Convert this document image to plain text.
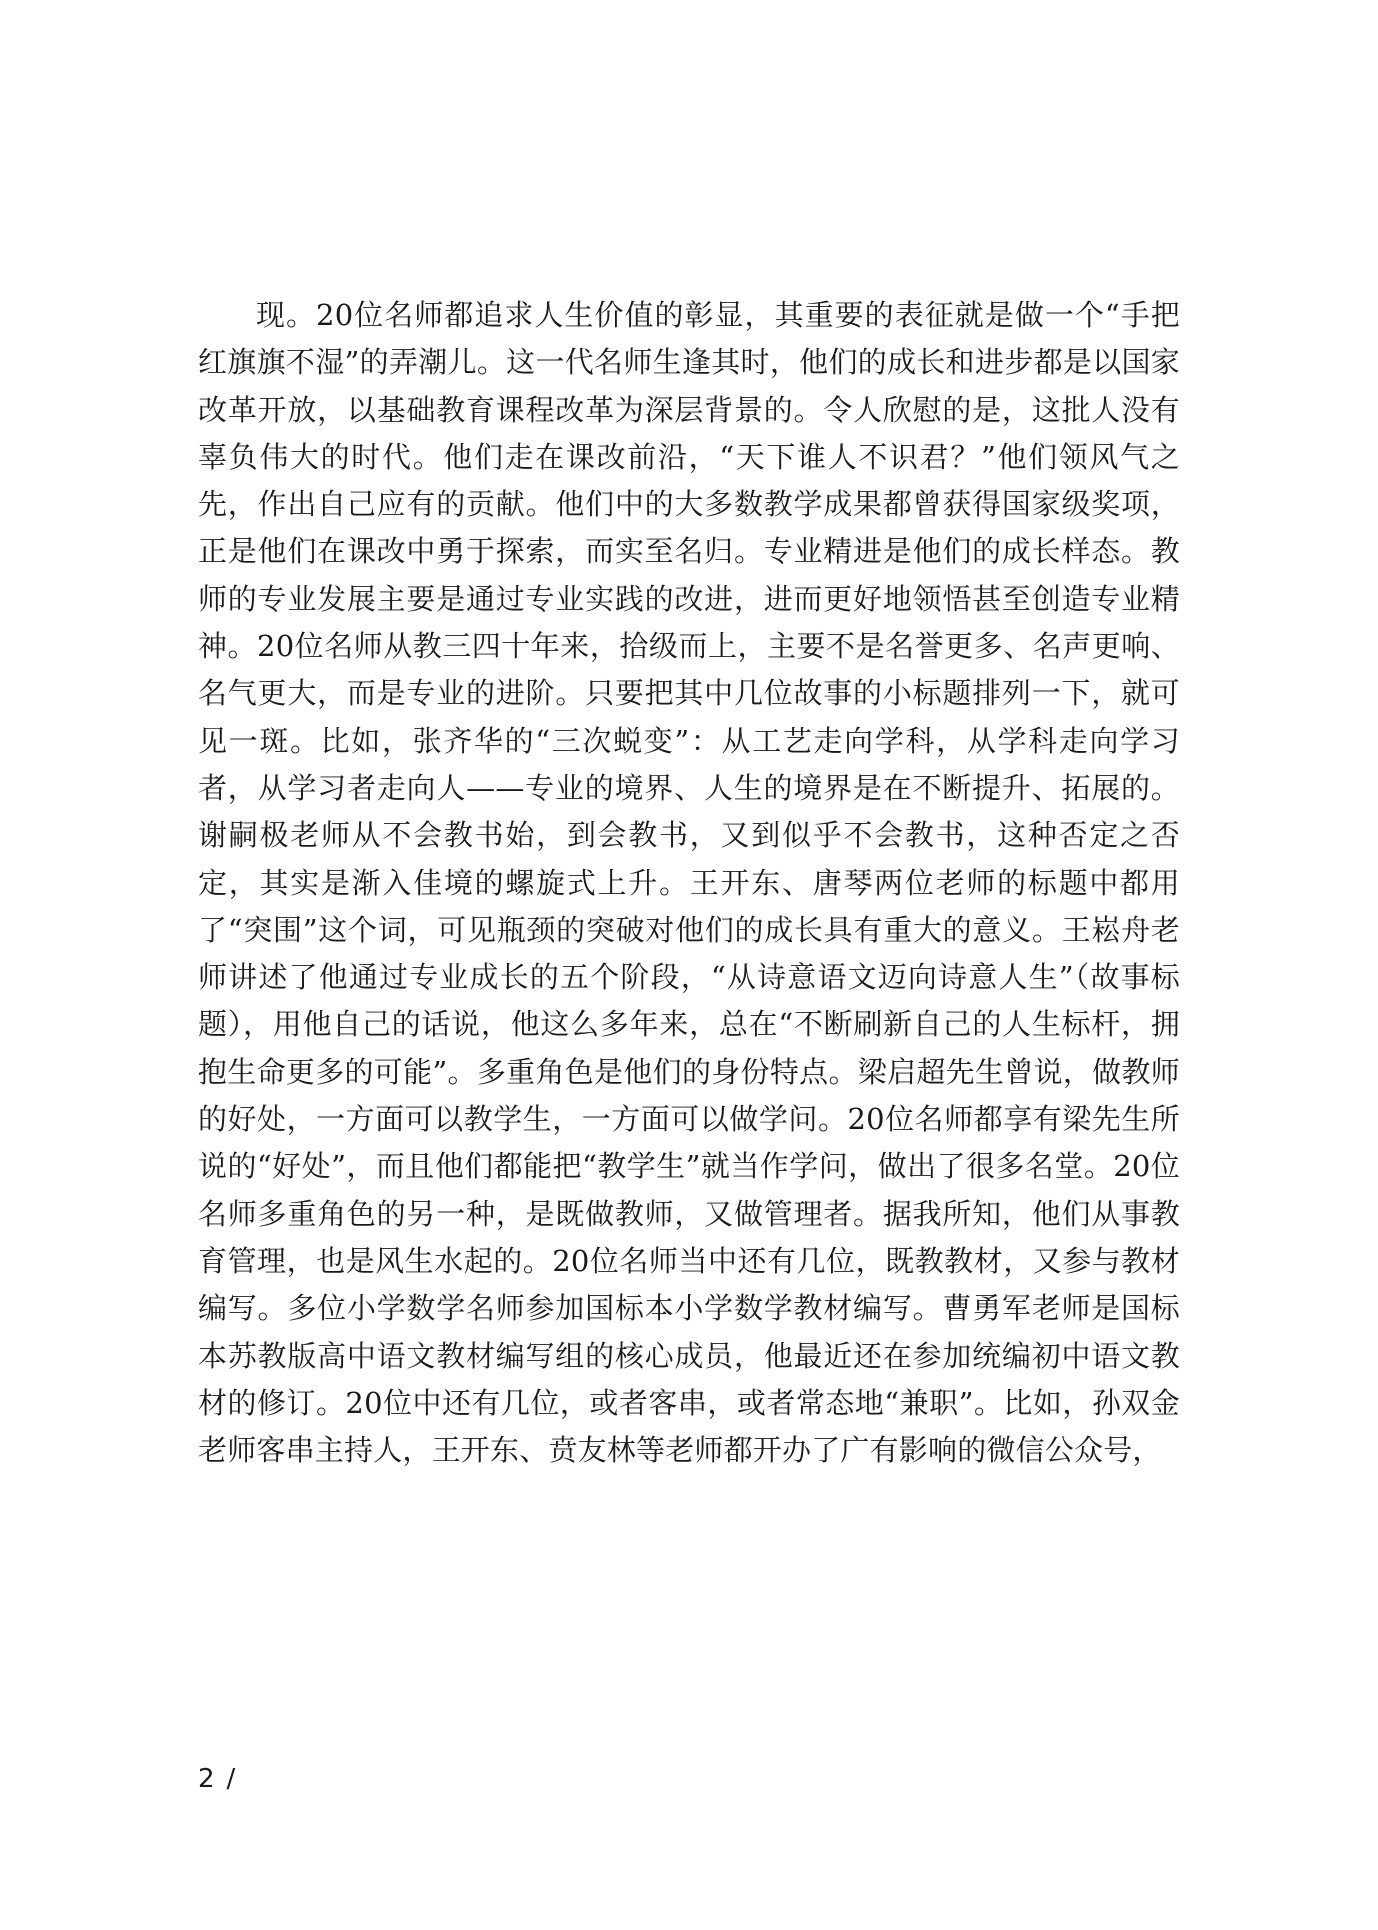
现。20位名师都追求人生价值的彰显，其重要的表征就是做一个“手把红旗旗不湿”的弄潮儿。这一代名师生逢其时，他们的成长和进步都是以国家改革开放，以基础教育课程改革为深层背景的。令人欣慰的是，这批人没有辜负伟大的时代。他们走在课改前沿，“天下谁人不识君？”他们领风气之先，作出自己应有的贡献。他们中的大多数教学成果都曾获得国家级奖项，正是他们在课改中勇于探索，而实至名归。专业精进是他们的成长样态。教师的专业发展主要是通过专业实践的改进，进而更好地领悟甚至创造专业精神。20位名师从教三四十年来，拾级而上，主要不是名誉更多、名声更响、名气更大，而是专业的进阶。只要把其中几位故事的小标题排列一下，就可见一斑。比如，张齐华的“三次蜕变”：从工艺走向学科，从学科走向学习者，从学习者走向人——专业的境界、人生的境界是在不断提升、拓展的。谢嗣极老师从不会教书始，到会教书，又到似乎不会教书，这种否定之否定，其实是渐入佳境的螺旋式上升。王开东、唐琴两位老师的标题中都用了“突围”这个词，可见瓶颈的突破对他们的成长具有重大的意义。王崧舟老师讲述了他通过专业成长的五个阶段，“从诗意语文迈向诗意人生”（故事标题），用他自己的话说，他这么多年来，总在“不断刷新自己的人生标杆，拥抱生命更多的可能”。多重角色是他们的身份特点。梁启超先生曾说，做教师的好处，一方面可以教学生，一方面可以做学问。20位名师都享有梁先生所说的“好处”，而且他们都能把“教学生”就当作学问，做出了很多名堂。20位名师多重角色的另一种，是既做教师，又做管理者。据我所知，他们从事教育管理，也是风生水起的。20位名师当中还有几位，既教教材，又参与教材编写。多位小学数学名师参加国标本小学数学教材编写。曹勇军老师是国标本苏教版高中语文教材编写组的核心成员，他最近还在参加统编初中语文教材的修订。20位中还有几位，或者客串，或者常态地“兼职”。比如，孙双金老师客串主持人，王开东、贲友林等老师都开办了广有影响的微信公众号，

2 /
